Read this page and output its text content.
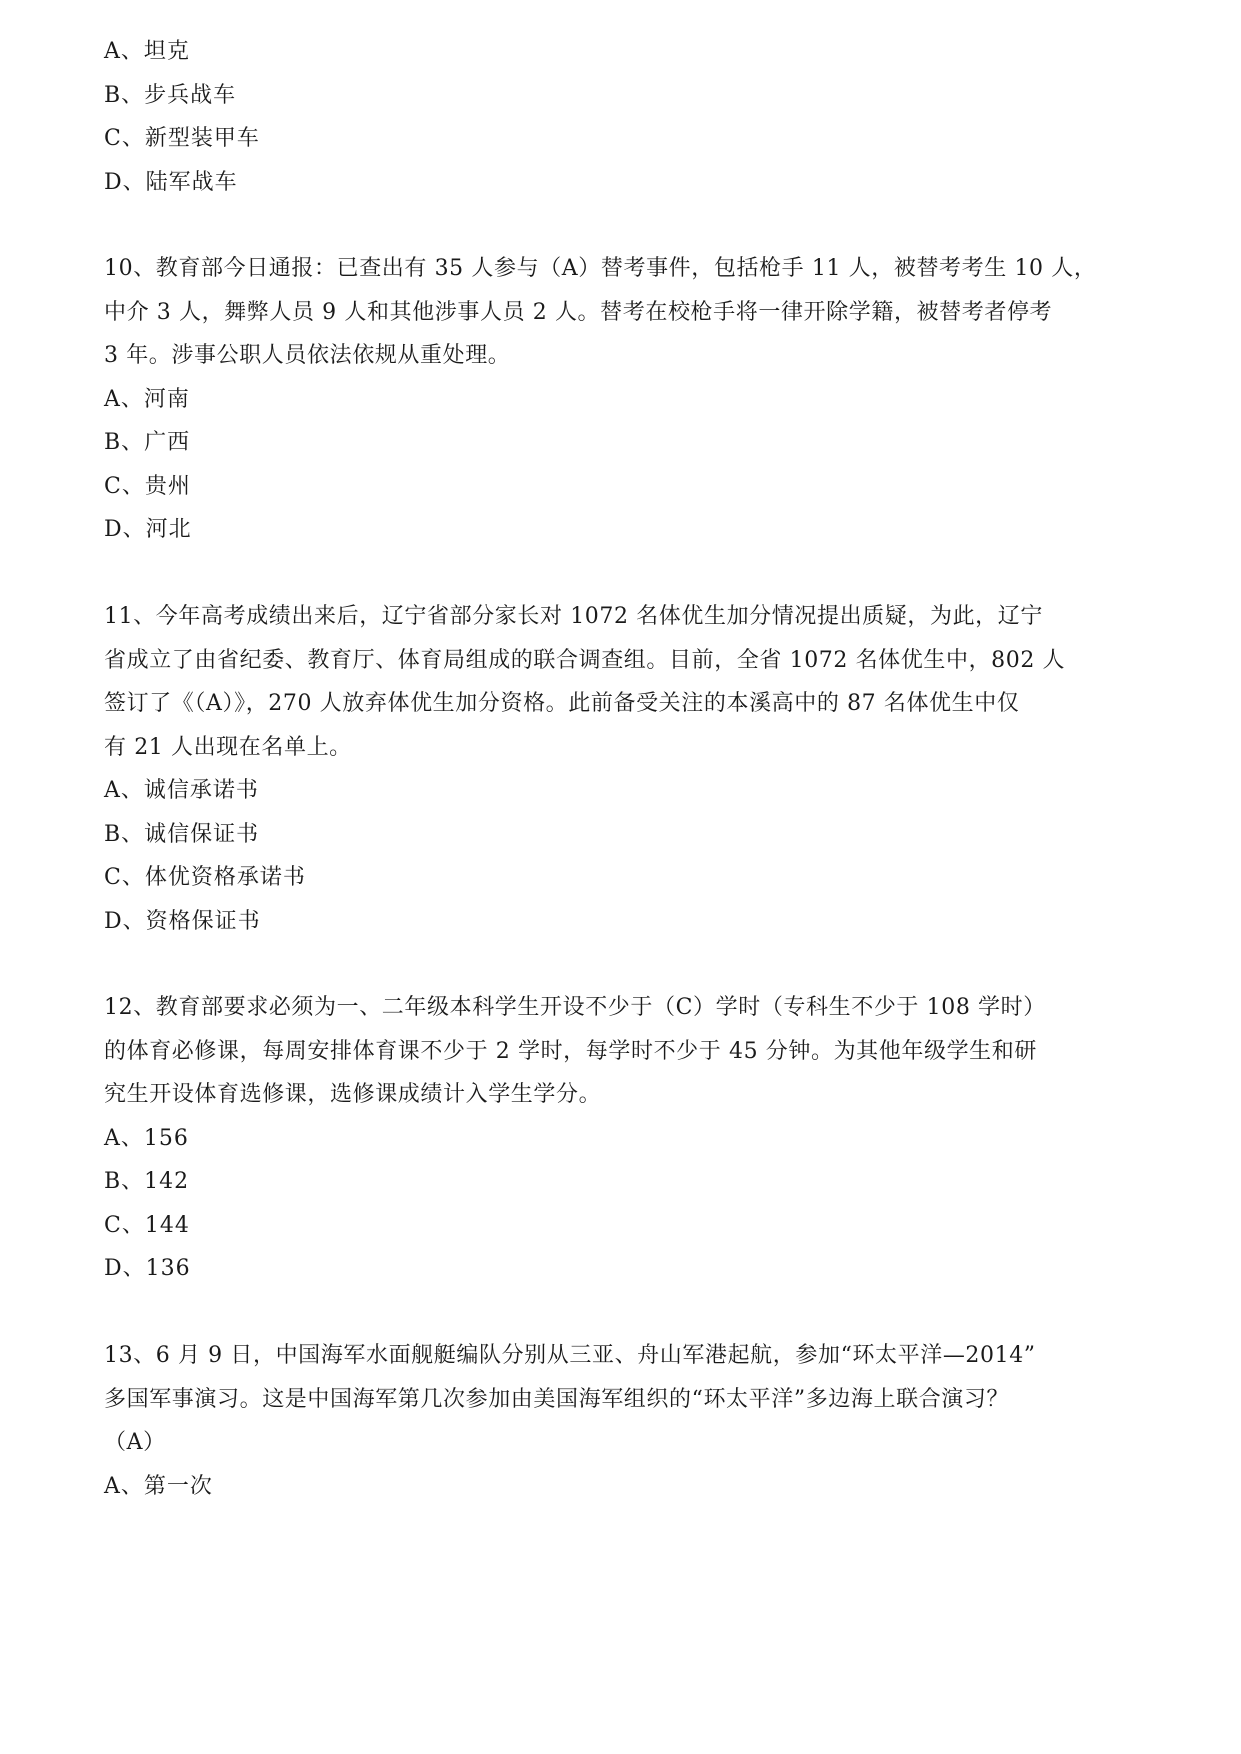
A、坦克
B、步兵战车
C、新型装甲车
D、陆军战车
10、教育部今日通报：已查出有 35 人参与（A）替考事件，包括枪手 11 人，被替考考生 10 人，
中介 3 人，舞弊人员 9 人和其他涉事人员 2 人。替考在校枪手将一律开除学籍，被替考者停考
3 年。涉事公职人员依法依规从重处理。
A、河南
B、广西
C、贵州
D、河北
11、今年高考成绩出来后，辽宁省部分家长对 1072 名体优生加分情况提出质疑，为此，辽宁
省成立了由省纪委、教育厅、体育局组成的联合调查组。目前，全省 1072 名体优生中，802 人
签订了《（A）》，270 人放弃体优生加分资格。此前备受关注的本溪高中的 87 名体优生中仅
有 21 人出现在名单上。
A、诚信承诺书
B、诚信保证书
C、体优资格承诺书
D、资格保证书
12、教育部要求必须为一、二年级本科学生开设不少于（C）学时（专科生不少于 108 学时）
的体育必修课，每周安排体育课不少于 2 学时，每学时不少于 45 分钟。为其他年级学生和研
究生开设体育选修课，选修课成绩计入学生学分。
A、156
B、142
C、144
D、136
13、6 月 9 日，中国海军水面舰艇编队分别从三亚、舟山军港起航，参加“环太平洋—2014”
多国军事演习。这是中国海军第几次参加由美国海军组织的“环太平洋”多边海上联合演习？
（A）
A、第一次
